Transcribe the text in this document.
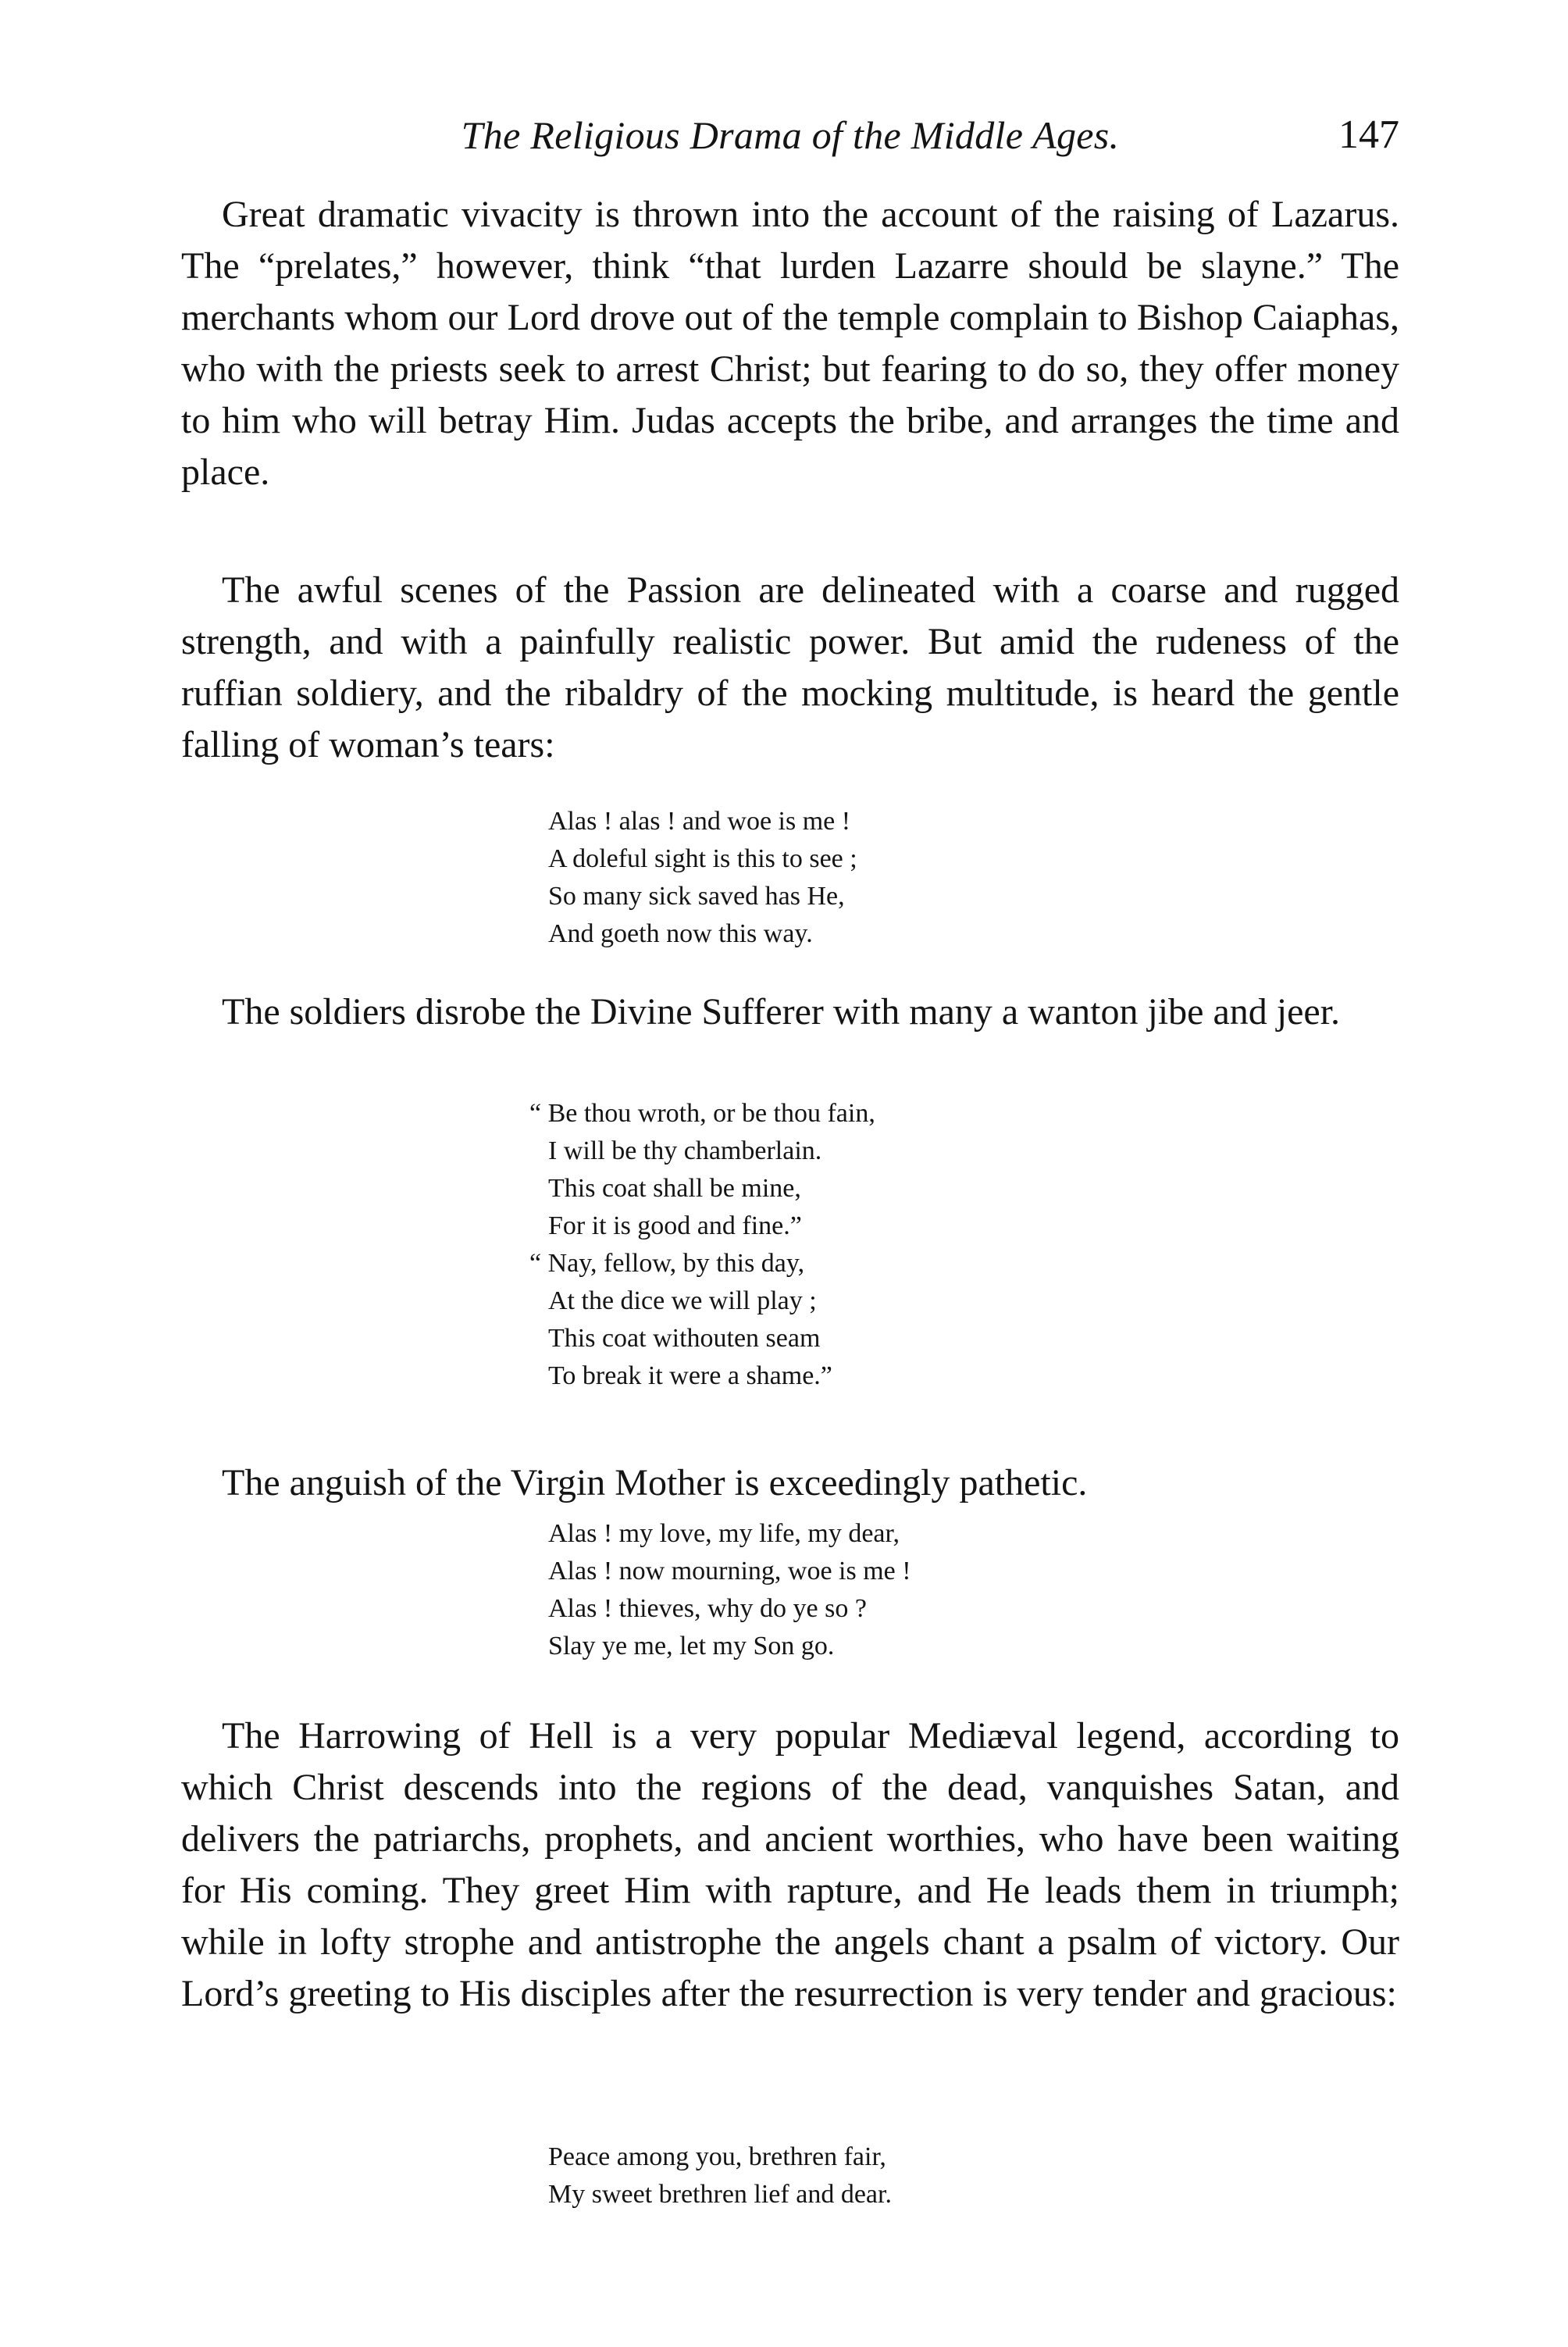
The Religious Drama of the Middle Ages.	147

Great dramatic vivacity is thrown into the account of the raising of Lazarus. The “prelates,” however, think “that lurden Lazarre should be slayne.” The merchants whom our Lord drove out of the temple complain to Bishop Caiaphas, who with the priests seek to arrest Christ; but fearing to do so, they offer money to him who will betray Him. Judas accepts the bribe, and arranges the time and place.

The awful scenes of the Passion are delineated with a coarse and rugged strength, and with a painfully realistic power. But amid the rudeness of the ruffian soldiery, and the ribaldry of the mocking multitude, is heard the gentle falling of woman’s tears:

Alas ! alas ! and woe is me !
A doleful sight is this to see ;
So many sick saved has He,
And goeth now this way.

The soldiers disrobe the Divine Sufferer with many a wanton jibe and jeer.

“ Be thou wroth, or be thou fain,
I will be thy chamberlain.
This coat shall be mine,
For it is good and fine.”
“ Nay, fellow, by this day,
At the dice we will play ;
This coat withouten seam
To break it were a shame.”

The anguish of the Virgin Mother is exceedingly pathetic.

Alas ! my love, my life, my dear,
Alas ! now mourning, woe is me !
Alas ! thieves, why do ye so ?
Slay ye me, let my Son go.

The Harrowing of Hell is a very popular Mediæval legend, according to which Christ descends into the regions of the dead, vanquishes Satan, and delivers the patriarchs, prophets, and ancient worthies, who have been waiting for His coming. They greet Him with rapture, and He leads them in triumph; while in lofty strophe and antistrophe the angels chant a psalm of victory. Our Lord’s greeting to His disciples after the resurrection is very tender and gracious:

Peace among you, brethren fair,
My sweet brethren lief and dear.
